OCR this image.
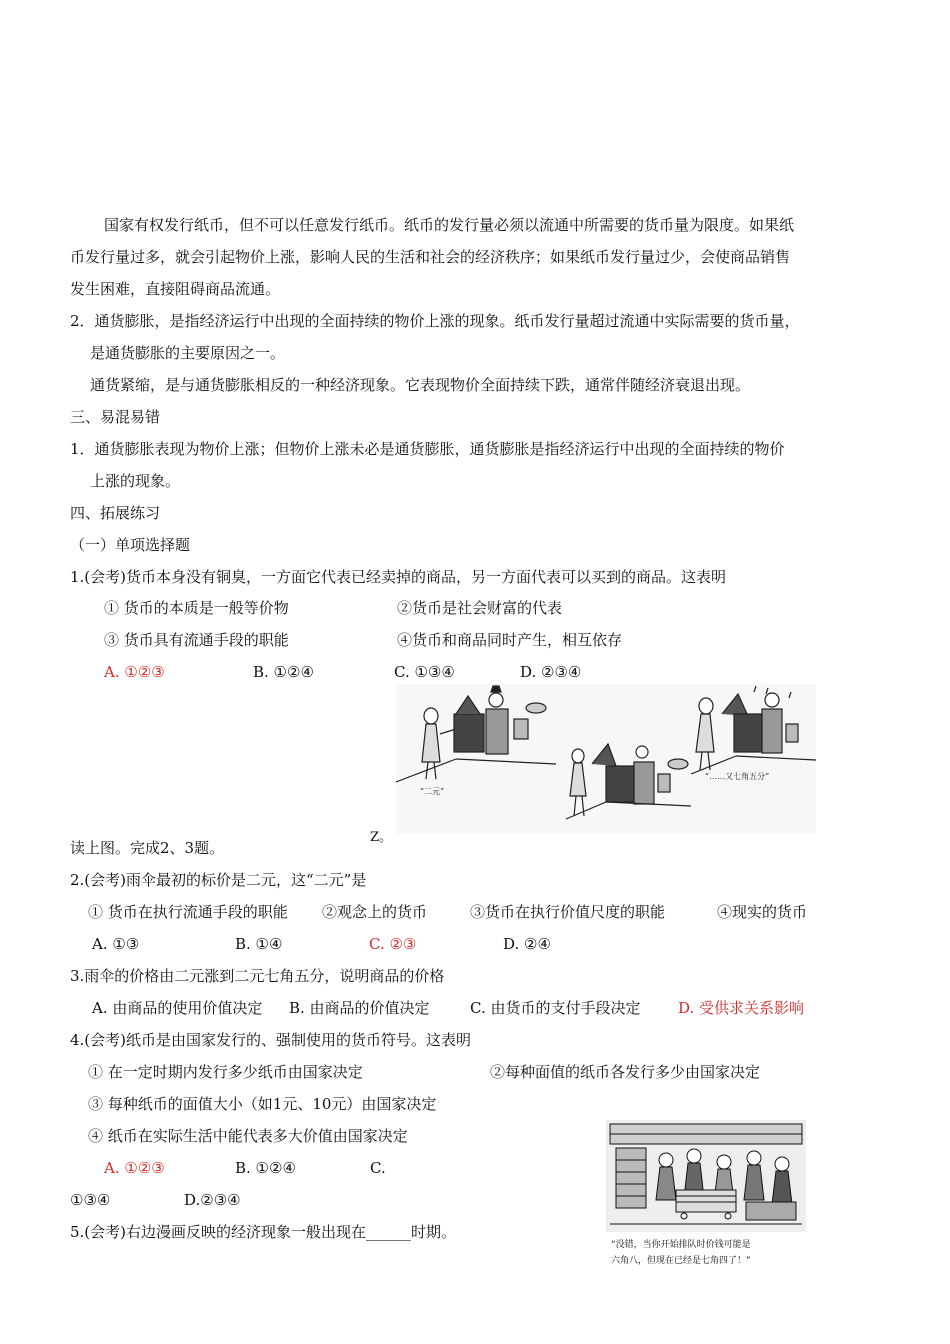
国家有权发行纸币，但不可以任意发行纸币。纸币的发行量必须以流通中所需要的货币量为限度。如果纸
币发行量过多，就会引起物价上涨，影响人民的生活和社会的经济秩序；如果纸币发行量过少，会使商品销售
发生困难，直接阻碍商品流通。
2．通货膨胀，是指经济运行中出现的全面持续的物价上涨的现象。纸币发行量超过流通中实际需要的货币量，
是通货膨胀的主要原因之一。
通货紧缩，是与通货膨胀相反的一种经济现象。它表现物价全面持续下跌，通常伴随经济衰退出现。
三、易混易错
1．通货膨胀表现为物价上涨；但物价上涨未必是通货膨胀，通货膨胀是指经济运行中出现的全面持续的物价
上涨的现象。
四、拓展练习
（一）单项选择题
1.(会考)货币本身没有铜臭，一方面它代表已经卖掉的商品，另一方面代表可以买到的商品。这表明
① 货币的本质是一般等价物	②货币是社会财富的代表
③ 货币具有流通手段的职能	④货币和商品同时产生，相互依存
A. ①②③	B. ①②④	C. ①③④	D. ②③④
“二元”
“……又七角五分”
Z。
读上图。完成2、3题。
2.(会考)雨伞最初的标价是二元，这“二元”是
① 货币在执行流通手段的职能 ②观念上的货币	③货币在执行价值尺度的职能	④现实的货币
A. ①③	B. ①④	C. ②③	D. ②④
3.雨伞的价格由二元涨到二元七角五分，说明商品的价格
A. 由商品的使用价值决定 B. 由商品的价值决定	C. 由货币的支付手段决定	D. 受供求关系影响
4.(会考)纸币是由国家发行的、强制使用的货币符号。这表明
① 在一定时期内发行多少纸币由国家决定	②每种面值的纸币各发行多少由国家决定
③ 每种纸币的面值大小（如1元、10元）由国家决定
④ 纸币在实际生活中能代表多大价值由国家决定
A. ①②③	B. ①②④	C.
①③④	D.②③④
5.(会考)右边漫画反映的经济现象一般出现在______时期。
“没错，当你开始排队时价钱可能是
六角八，但现在已经是七角四了！”
